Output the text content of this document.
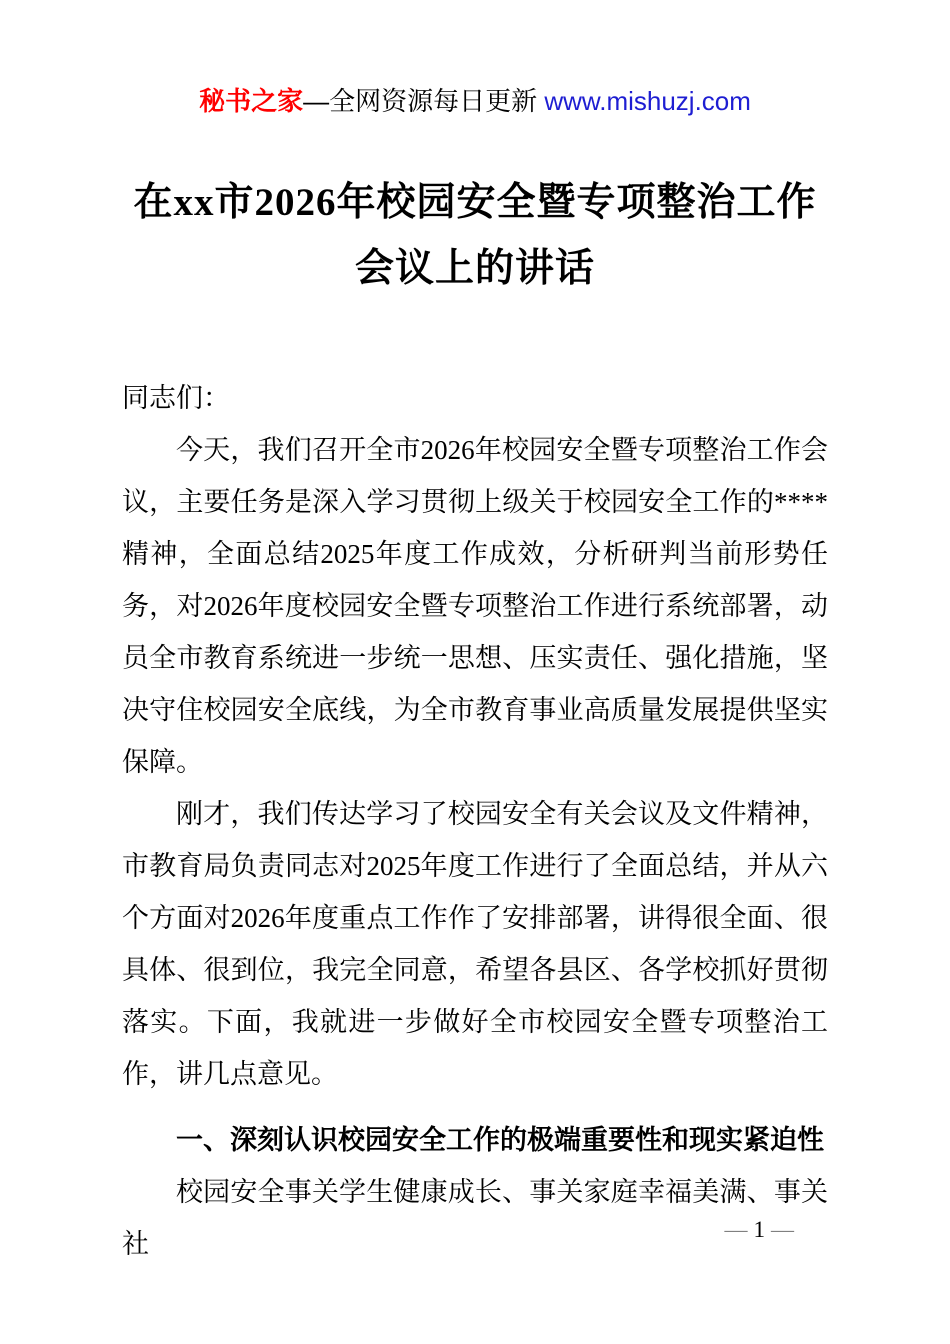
秘书之家—全网资源每日更新 www.mishuzj.com
在xx市2026年校园安全暨专项整治工作
会议上的讲话

同志们：

今天，我们召开全市2026年校园安全暨专项整治工作会议，主要任务是深入学习贯彻上级关于校园安全工作的****精神，全面总结2025年度工作成效，分析研判当前形势任务，对2026年度校园安全暨专项整治工作进行系统部署，动员全市教育系统进一步统一思想、压实责任、强化措施，坚决守住校园安全底线，为全市教育事业高质量发展提供坚实保障。

刚才，我们传达学习了校园安全有关会议及文件精神，市教育局负责同志对2025年度工作进行了全面总结，并从六个方面对2026年度重点工作作了安排部署，讲得很全面、很具体、很到位，我完全同意，希望各县区、各学校抓好贯彻落实。下面，我就进一步做好全市校园安全暨专项整治工作，讲几点意见。

一、深刻认识校园安全工作的极端重要性和现实紧迫性

校园安全事关学生健康成长、事关家庭幸福美满、事关社	— 1 —
